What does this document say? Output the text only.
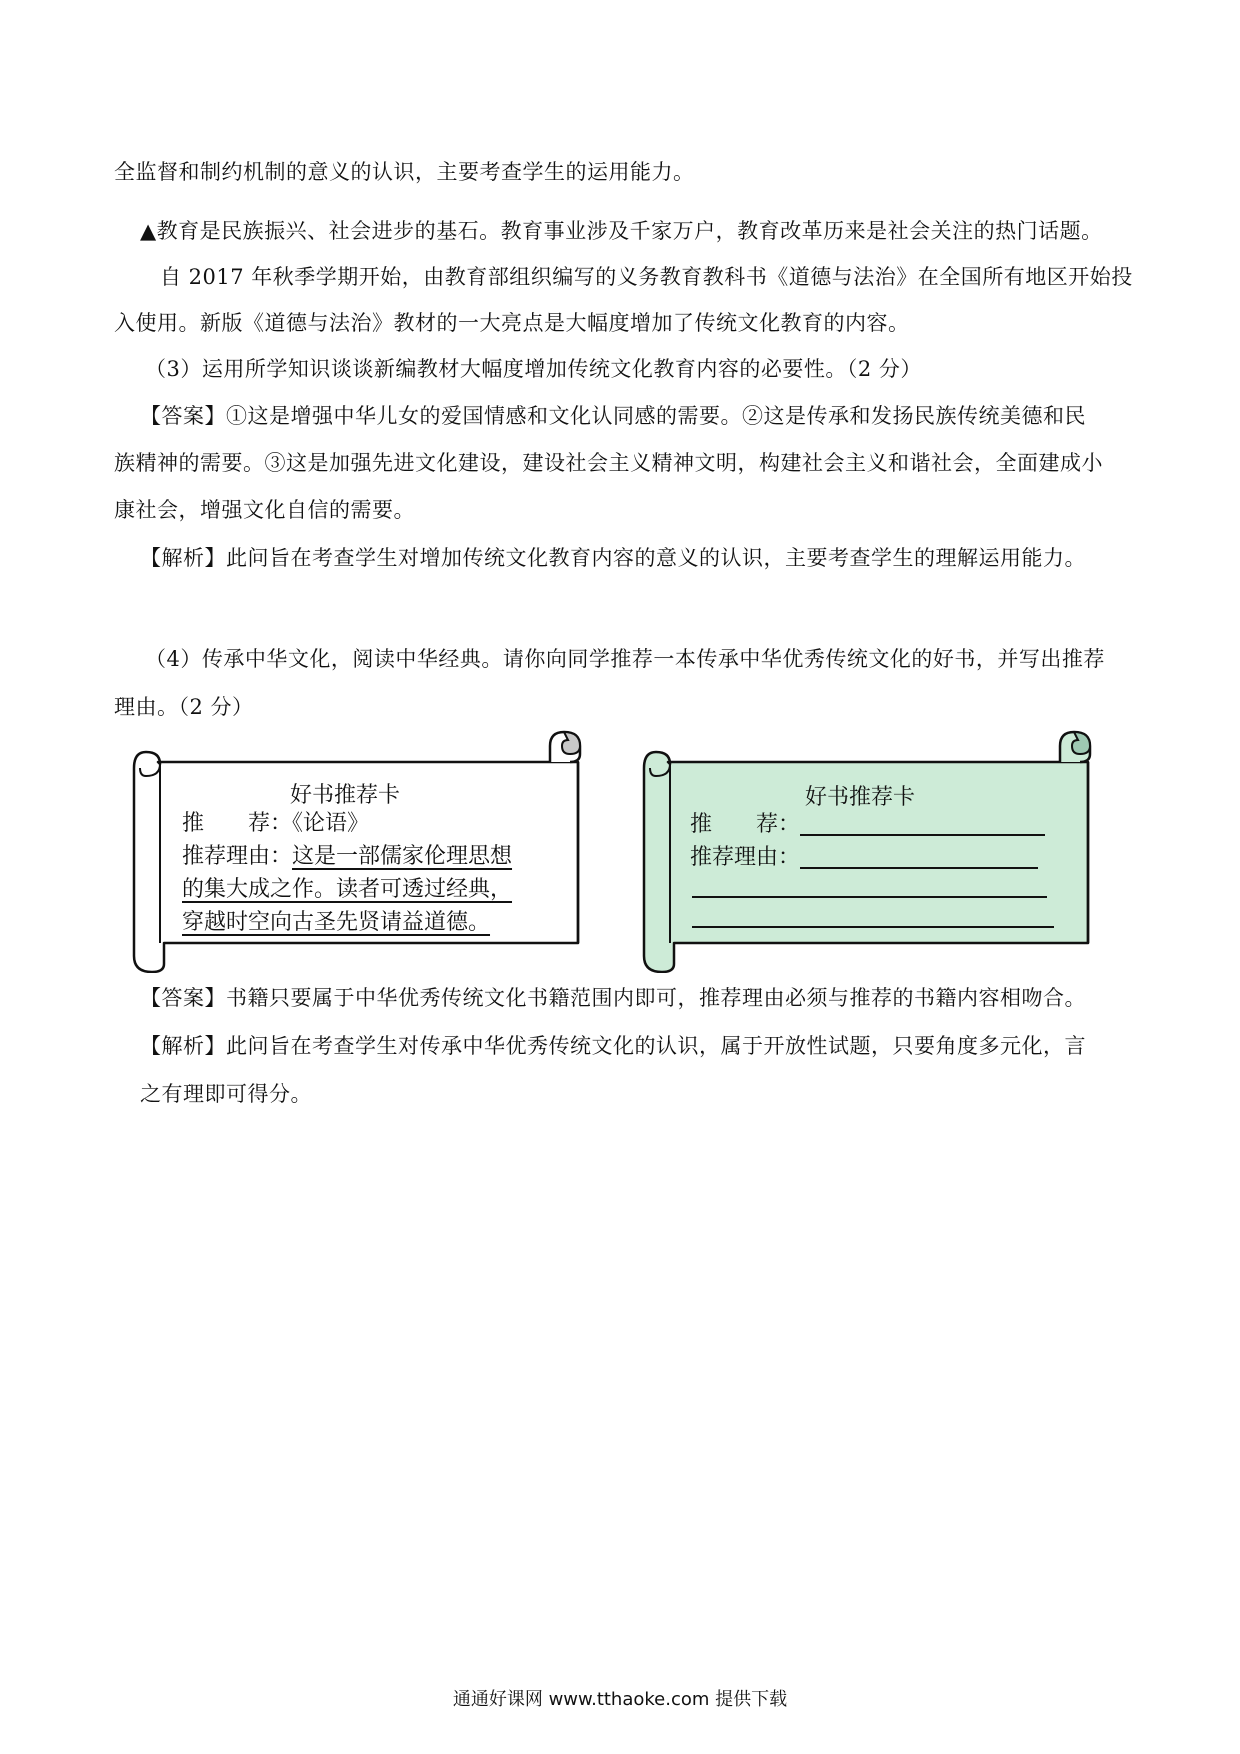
全监督和制约机制的意义的认识，主要考查学生的运用能力。
▲教育是民族振兴、社会进步的基石。教育事业涉及千家万户，教育改革历来是社会关注的热门话题。
自 2017 年秋季学期开始，由教育部组织编写的义务教育教科书《道德与法治》在全国所有地区开始投
入使用。新版《道德与法治》教材的一大亮点是大幅度增加了传统文化教育的内容。
（3）运用所学知识谈谈新编教材大幅度增加传统文化教育内容的必要性。（2 分）
【答案】①这是增强中华儿女的爱国情感和文化认同感的需要。②这是传承和发扬民族传统美德和民
族精神的需要。③这是加强先进文化建设，建设社会主义精神文明，构建社会主义和谐社会，全面建成小
康社会，增强文化自信的需要。
【解析】此问旨在考查学生对增加传统文化教育内容的意义的认识，主要考查学生的理解运用能力。
（4）传承中华文化，阅读中华经典。请你向同学推荐一本传承中华优秀传统文化的好书，并写出推荐
理由。（2 分）
好书推荐卡
推　　荐：《论语》
推荐理由：这是一部儒家伦理思想
的集大成之作。读者可透过经典，
穿越时空向古圣先贤请益道德。
好书推荐卡
推　　荐：
推荐理由：
【答案】书籍只要属于中华优秀传统文化书籍范围内即可，推荐理由必须与推荐的书籍内容相吻合。
【解析】此问旨在考查学生对传承中华优秀传统文化的认识，属于开放性试题，只要角度多元化，言
之有理即可得分。
通通好课网 www.tthaoke.com 提供下载
